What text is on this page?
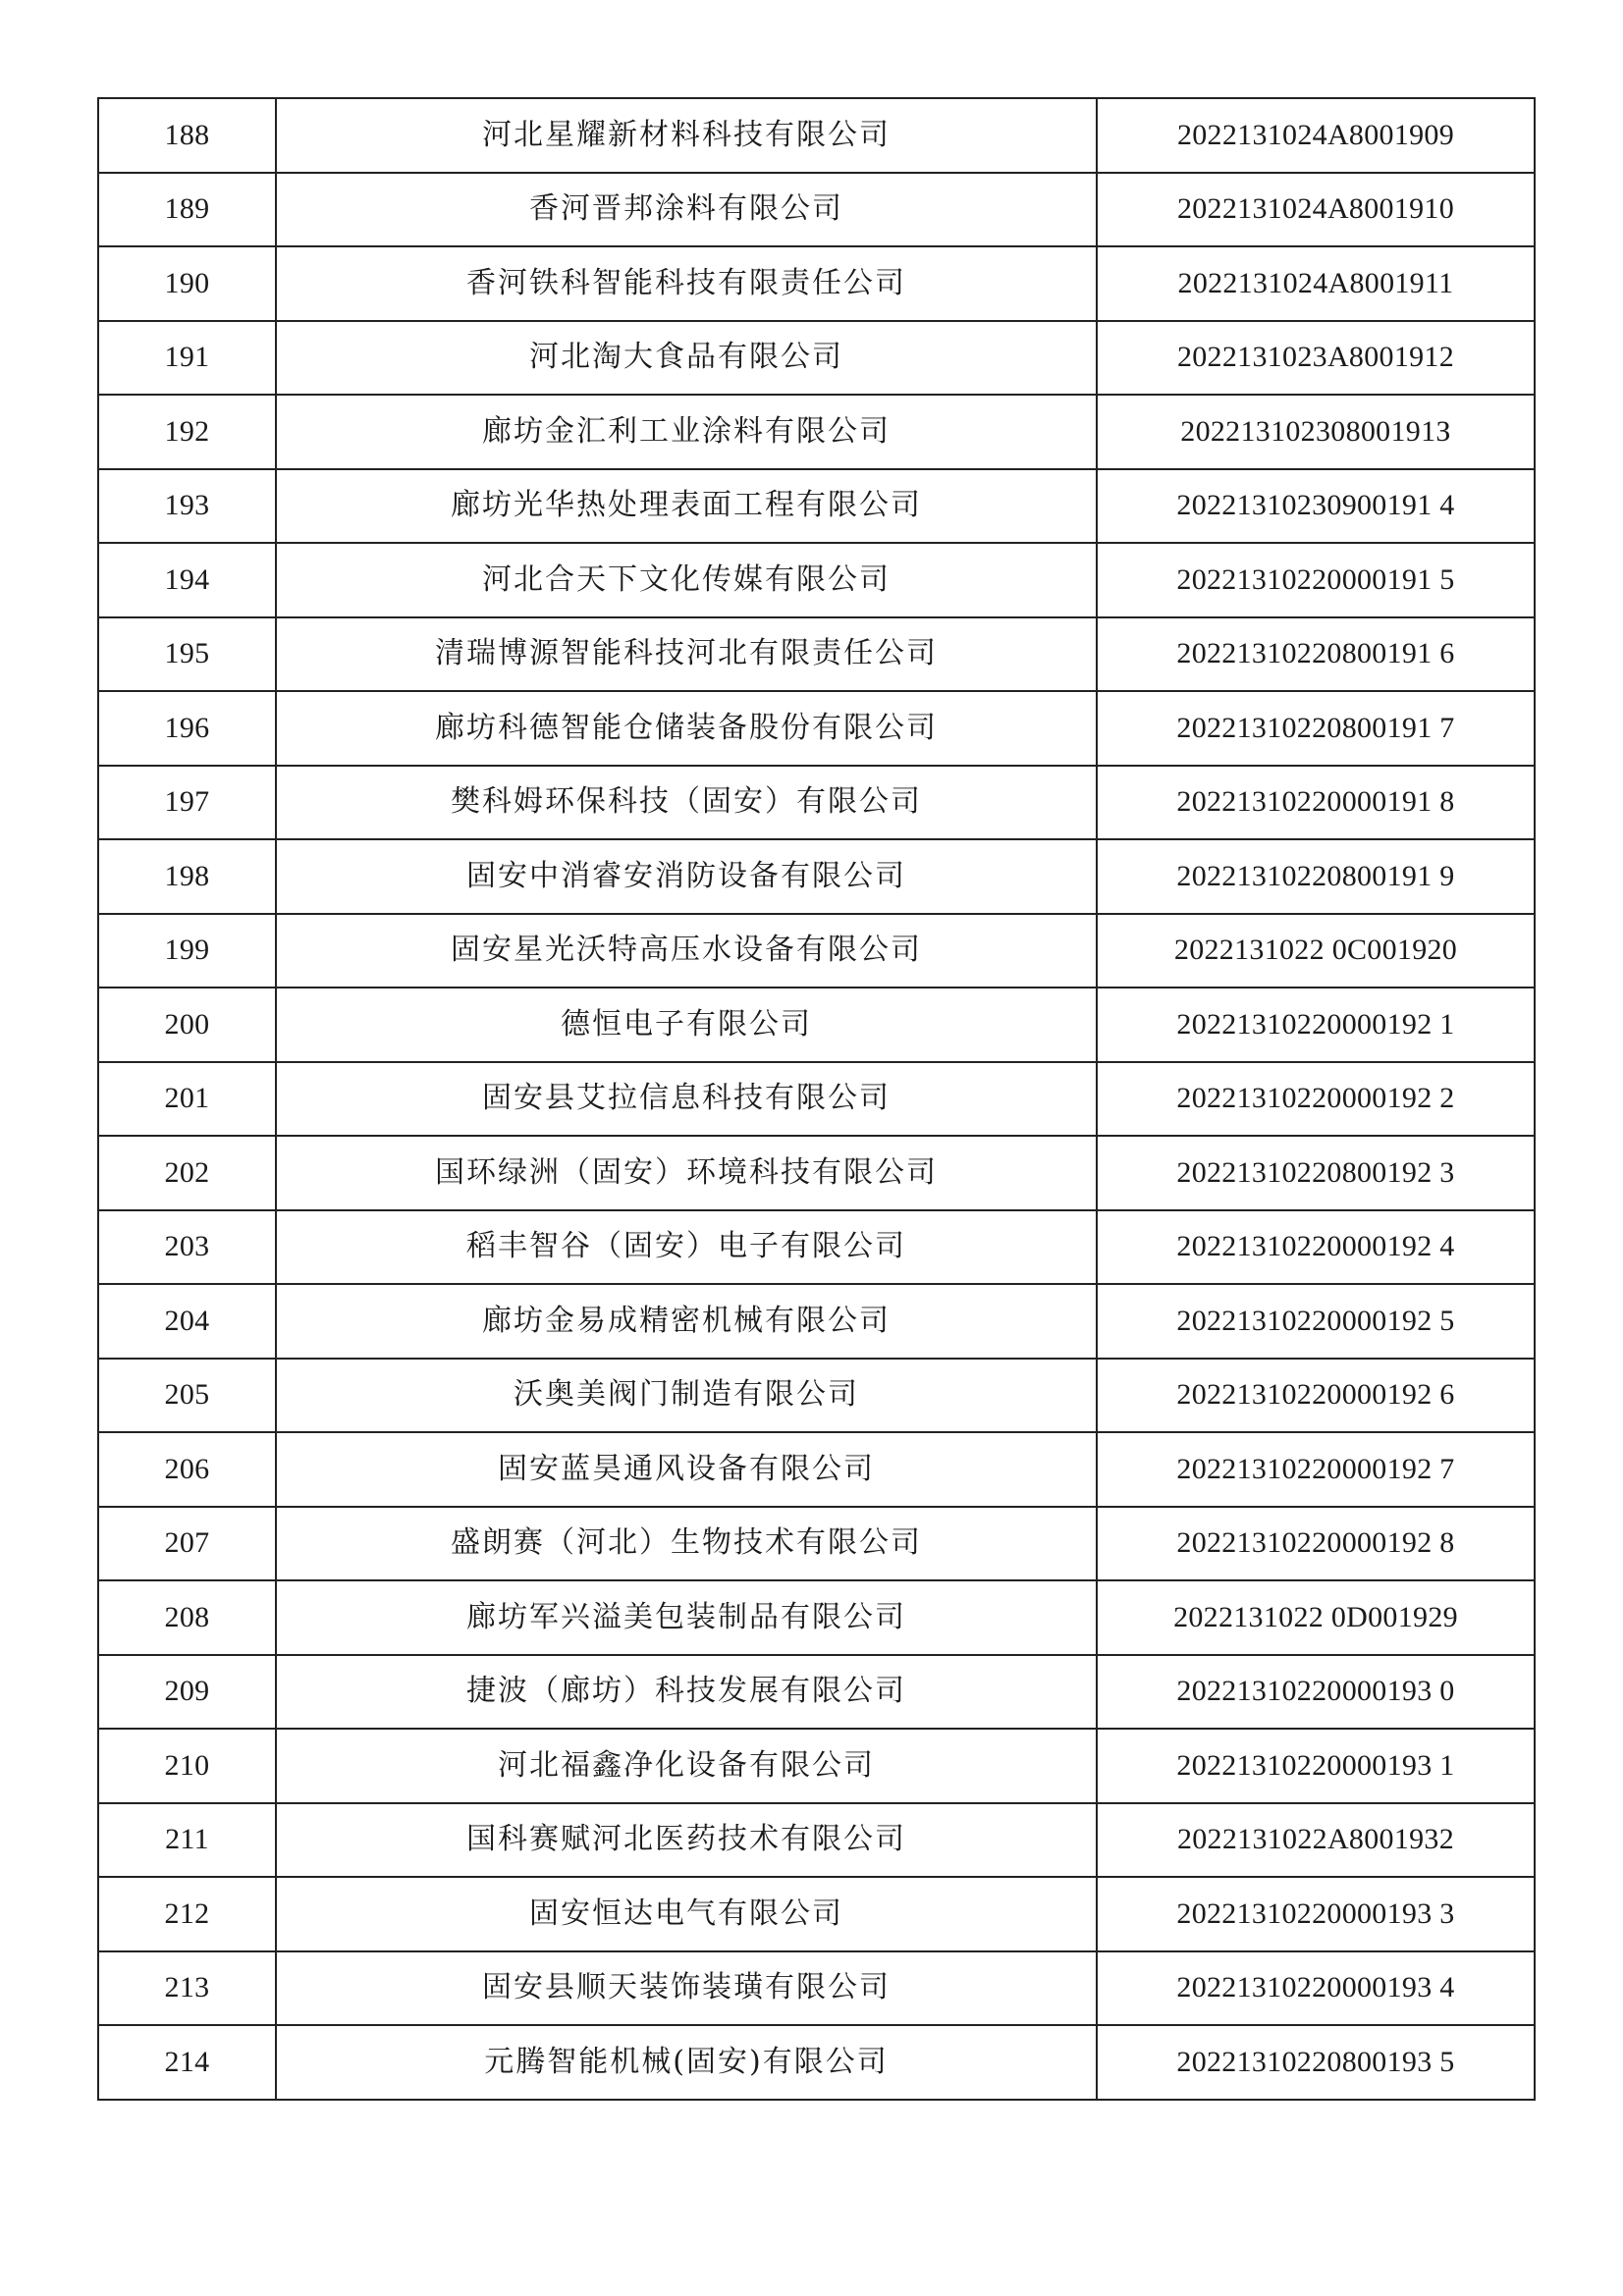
188	河北星耀新材料科技有限公司	2022131024A8001909
189	香河晋邦涂料有限公司	2022131024A8001910
190	香河铁科智能科技有限责任公司	2022131024A8001911
191	河北淘大食品有限公司	2022131023A8001912
192	廊坊金汇利工业涂料有限公司	20221310230800191З
193	廊坊光华热处理表面工程有限公司	20221310230900191 4
194	河北合天下文化传媒有限公司	20221310220000191 5
195	清瑞博源智能科技河北有限责任公司	20221310220800191 6
196	廊坊科德智能仓储装备股份有限公司	20221310220800191 7
197	樊科姆环保科技（固安）有限公司	20221310220000191 8
198	固安中消睿安消防设备有限公司	20221310220800191 9
199	固安星光沃特高压水设备有限公司	2022131022 0C001920
200	德恒电子有限公司	20221310220000192 1
201	固安县艾拉信息科技有限公司	20221310220000192 2
202	国环绿洲（固安）环境科技有限公司	20221310220800192 3
203	稻丰智谷（固安）电子有限公司	20221310220000192 4
204	廊坊金易成精密机械有限公司	20221310220000192 5
205	沃奥美阀门制造有限公司	20221310220000192 6
206	固安蓝昊通风设备有限公司	20221310220000192 7
207	盛朗赛（河北）生物技术有限公司	20221310220000192 8
208	廊坊军兴溢美包装制品有限公司	2022131022 0D001929
209	捷波（廊坊）科技发展有限公司	20221310220000193 0
210	河北福鑫净化设备有限公司	20221310220000193 1
211	国科赛赋河北医药技术有限公司	2022131022A8001932
212	固安恒达电气有限公司	20221310220000193 3
213	固安县顺天装饰装璜有限公司	20221310220000193 4
214	元腾智能机械(固安)有限公司	20221310220800193 5
